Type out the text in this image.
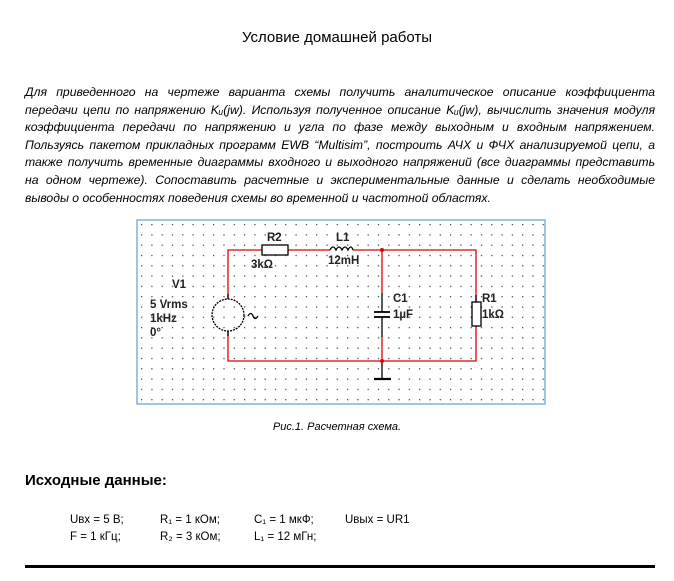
Условие домашней работы
Для приведенного на чертеже варианта схемы получить аналитическое описание коэффициента передачи цепи по напряжению Kᵤ(jw). Используя полученное описание Kᵤ(jw), вычислить значения модуля коэффициента передачи по напряжению и угла по фазе между выходным и входным напряжением. Пользуясь пакетом прикладных программ EWB “Multisim”, построить АЧХ и ФЧХ анализируемой цепи, а также получить временные диаграммы входного и выходного напряжений (все диаграммы представить на одном чертеже). Сопоставить расчетные и экспериментальные данные и сделать необходимые выводы о особенностях поведения схемы во временной и частотной областях.
R2
3kΩ
L1
12mH
V1
5 Vrms
1kHz
0°
C1
1µF
R1
1kΩ
Рис.1. Расчетная схема.
Исходные данные:
Uвх = 5 В;	R₁ = 1 кОм;	C₁ = 1 мкФ;	Uвых = UR1
F = 1 кГц;	R₂ = 3 кОм;	L₁ = 12 мГн;
